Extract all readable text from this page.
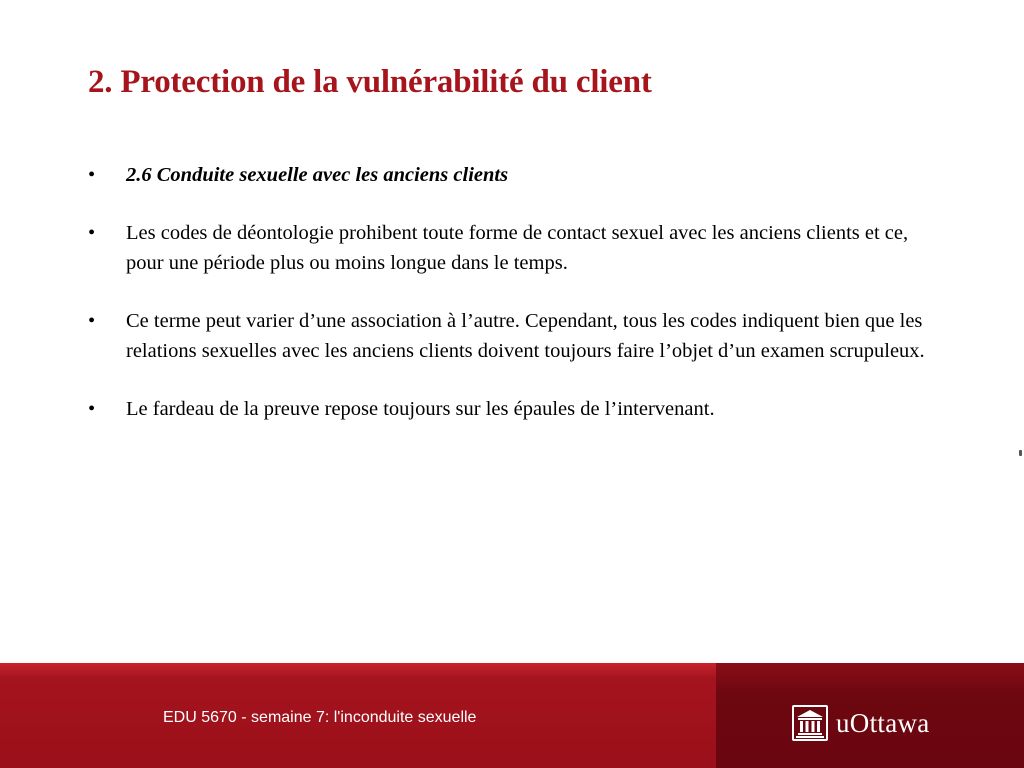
2. Protection de la vulnérabilité du client
•	2.6 Conduite sexuelle avec les anciens clients
•	Les codes de déontologie prohibent toute forme de contact sexuel avec les anciens clients et ce, pour une période plus ou moins longue dans le temps.
•	Ce terme peut varier d’une association à l’autre. Cependant, tous les codes indiquent bien que les relations sexuelles avec les anciens clients doivent toujours faire l’objet d’un examen scrupuleux.
•	Le fardeau de la preuve repose toujours sur les épaules de l’intervenant.
EDU 5670 - semaine 7: l'inconduite sexuelle	uOttawa
